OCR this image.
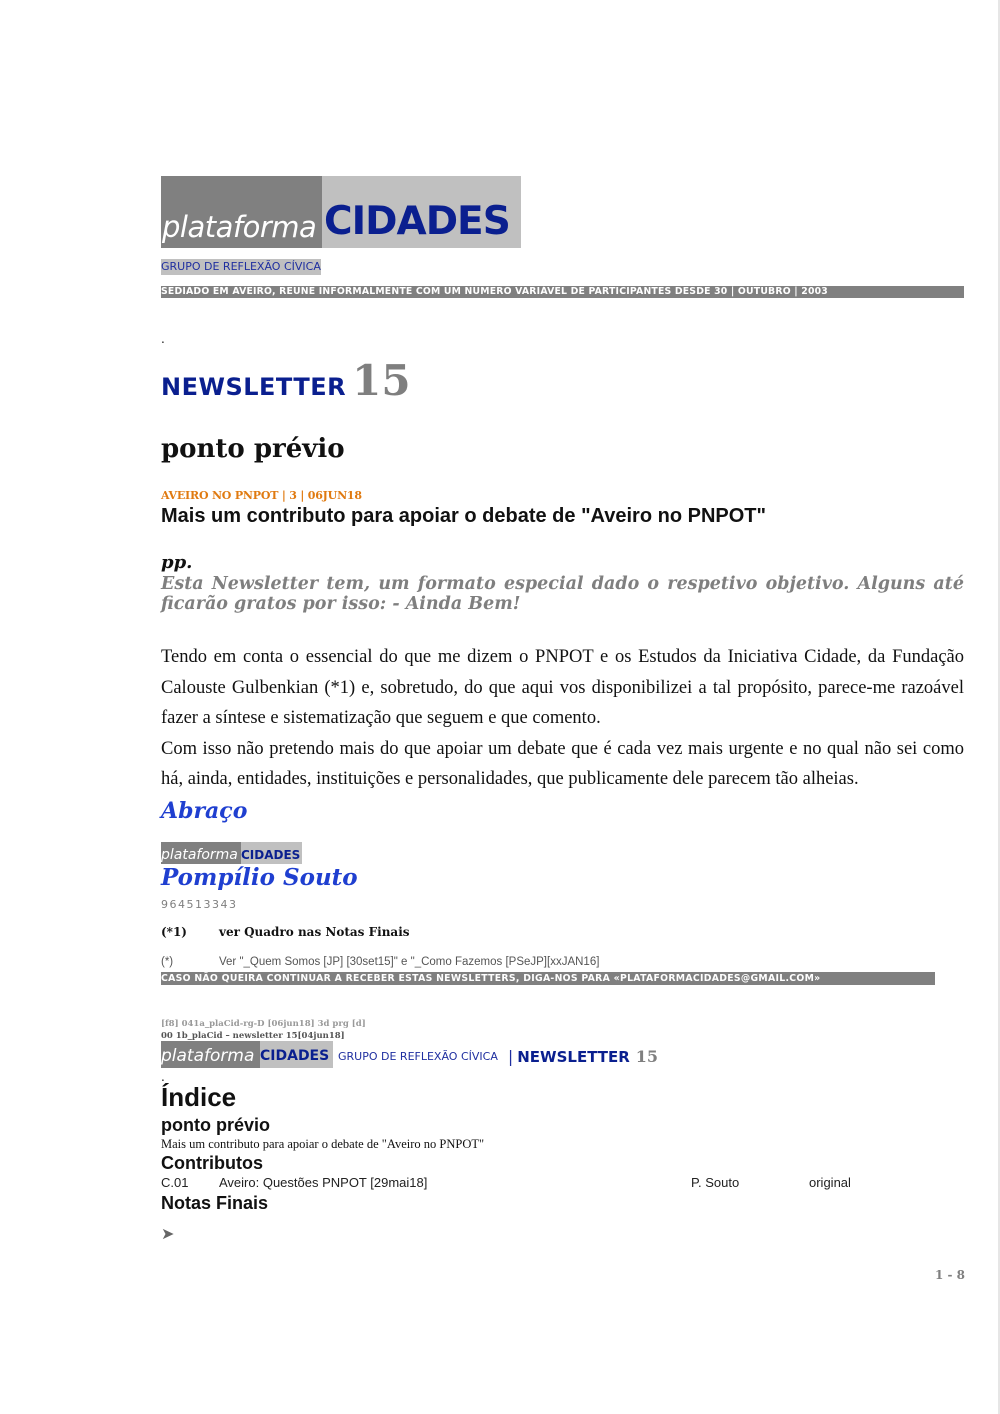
plataforma CIDADES
GRUPO DE REFLEXÃO CÍVICA
SEDIADO EM AVEIRO, REUNE INFORMALMENTE COM UM NÚMERO VARIÁVEL DE PARTICIPANTES DESDE 30 | OUTUBRO | 2003
.
NEWSLETTER 15
ponto prévio
AVEIRO NO PNPOT | 3 | 06JUN18
Mais um contributo para apoiar o debate de "Aveiro no PNPOT"
pp.
Esta Newsletter tem, um formato especial dado o respetivo objetivo. Alguns até ficarão gratos por isso: - Ainda Bem!

Tendo em conta o essencial do que me dizem o PNPOT e os Estudos da Iniciativa Cidade, da Fundação Calouste Gulbenkian (*1) e, sobretudo, do que aqui vos disponibilizei a tal propósito, parece-me razoável fazer a síntese e sistematização que seguem e que comento.

Com isso não pretendo mais do que apoiar um debate que é cada vez mais urgente e no qual não sei como há, ainda, entidades, instituições e personalidades, que publicamente dele parecem tão alheias.

Abraço
plataforma CIDADES
Pompílio Souto
964513343
(*1)	ver Quadro nas Notas Finais
(*)	Ver "_Quem Somos [JP] [30set15]" e "_Como Fazemos [PSeJP][xxJAN16]
CASO NÃO QUEIRA CONTINUAR A RECEBER ESTAS NEWSLETTERS, DIGA-NOS PARA «PLATAFORMACIDADES@GMAIL.COM»
[f8] 041a_plaCid-rg-D [06jun18] 3d prg [d]
00 1b_plaCid – newsletter 15[04jun18]
plataforma CIDADES GRUPO DE REFLEXÃO CÍVICA | NEWSLETTER 15
.
Índice
ponto prévio
Mais um contributo para apoiar o debate de "Aveiro no PNPOT"
Contributos
C.01 Aveiro: Questões PNPOT [29mai18]	P. Souto	original
Notas Finais
➤
1 - 8
